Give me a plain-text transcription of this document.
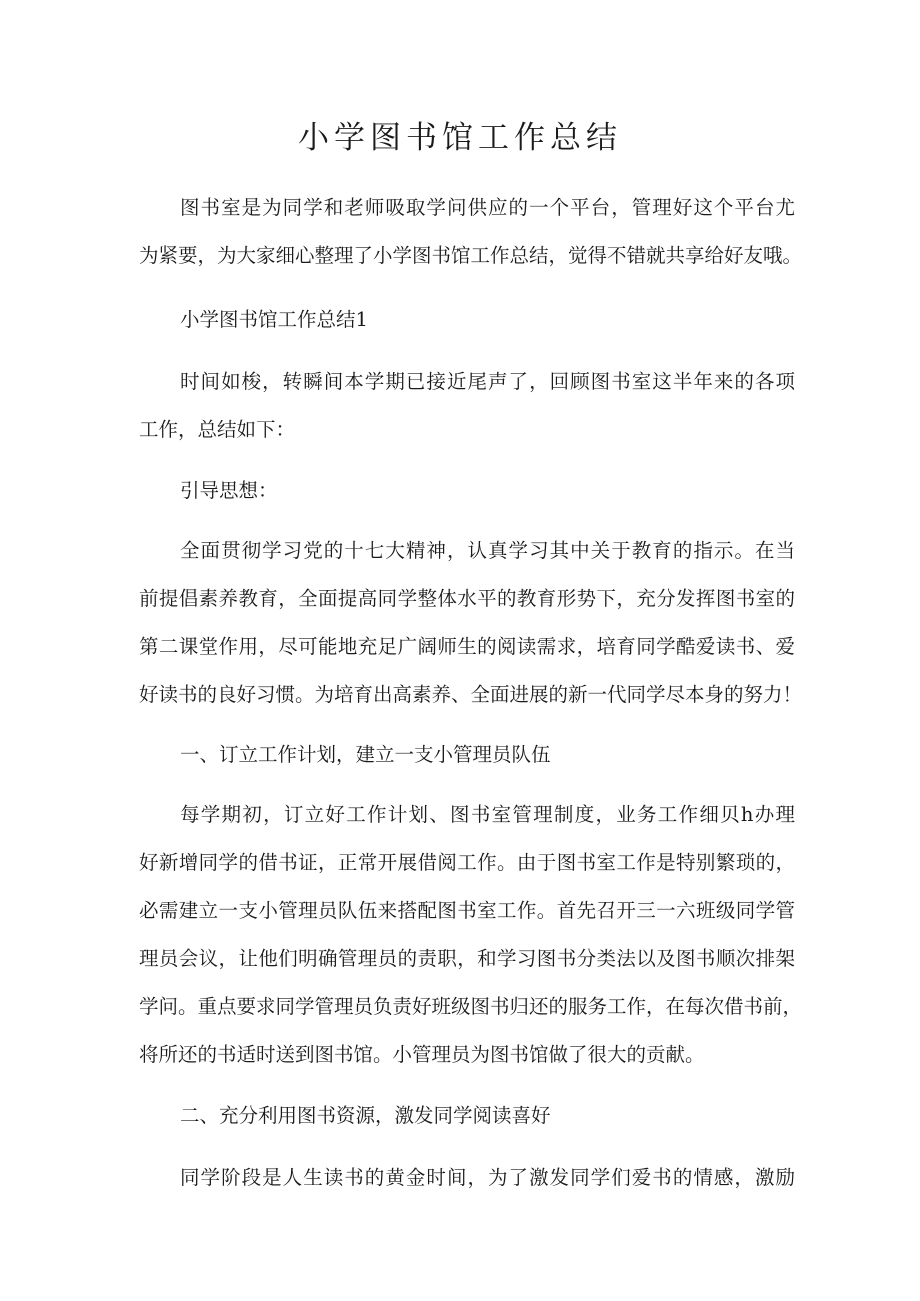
小学图书馆工作总结

图书室是为同学和老师吸取学问供应的一个平台，管理好这个平台尤
为紧要，为大家细心整理了小学图书馆工作总结，觉得不错就共享给好友哦。

小学图书馆工作总结1

时间如梭，转瞬间本学期已接近尾声了，回顾图书室这半年来的各项
工作，总结如下：

引导思想：

全面贯彻学习党的十七大精神，认真学习其中关于教育的指示。在当
前提倡素养教育，全面提高同学整体水平的教育形势下，充分发挥图书室的
第二课堂作用，尽可能地充足广阔师生的阅读需求，培育同学酷爱读书、爱
好读书的良好习惯。为培育出高素养、全面进展的新一代同学尽本身的努力！

一、订立工作计划，建立一支小管理员队伍

每学期初，订立好工作计划、图书室管理制度，业务工作细贝h办理
好新增同学的借书证，正常开展借阅工作。由于图书室工作是特别繁琐的，
必需建立一支小管理员队伍来搭配图书室工作。首先召开三一六班级同学管
理员会议，让他们明确管理员的责职，和学习图书分类法以及图书顺次排架
学问。重点要求同学管理员负责好班级图书归还的服务工作，在每次借书前，
将所还的书适时送到图书馆。小管理员为图书馆做了很大的贡献。

二、充分利用图书资源，激发同学阅读喜好

同学阶段是人生读书的黄金时间，为了激发同学们爱书的情感，激励
